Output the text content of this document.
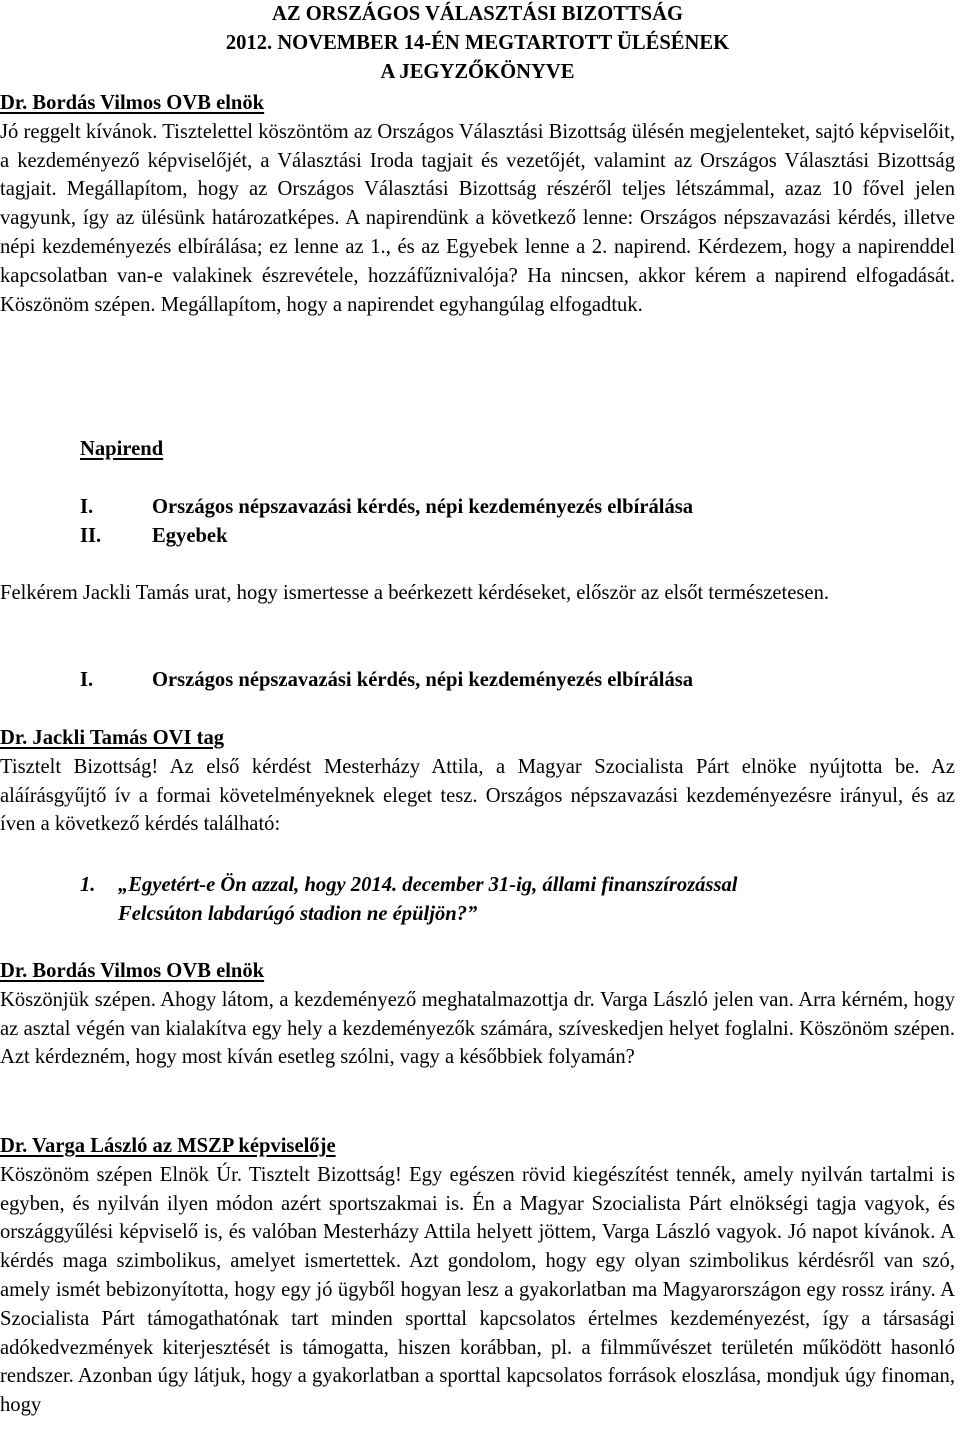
AZ ORSZÁGOS VÁLASZTÁSI BIZOTTSÁG
2012. NOVEMBER 14-ÉN MEGTARTOTT ÜLÉSÉNEK
A JEGYZŐKÖNYVE
Dr. Bordás Vilmos OVB elnök
Jó reggelt kívánok. Tisztelettel köszöntöm az Országos Választási Bizottság ülésén megjelenteket, sajtó képviselőit, a kezdeményező képviselőjét, a Választási Iroda tagjait és vezetőjét, valamint az Országos Választási Bizottság tagjait. Megállapítom, hogy az Országos Választási Bizottság részéről teljes létszámmal, azaz 10 fővel jelen vagyunk, így az ülésünk határozatképes. A napirendünk a következő lenne: Országos népszavazási kérdés, illetve népi kezdeményezés elbírálása; ez lenne az 1., és az Egyebek lenne a 2. napirend. Kérdezem, hogy a napirenddel kapcsolatban van-e valakinek észrevétele, hozzáfűznivalója? Ha nincsen, akkor kérem a napirend elfogadását. Köszönöm szépen. Megállapítom, hogy a napirendet egyhangúlag elfogadtuk.
Napirend
I.	Országos népszavazási kérdés, népi kezdeményezés elbírálása
II. Egyebek
Felkérem Jackli Tamás urat, hogy ismertesse a beérkezett kérdéseket, először az elsőt természetesen.
I.	Országos népszavazási kérdés, népi kezdeményezés elbírálása
Dr. Jackli Tamás OVI tag
Tisztelt Bizottság! Az első kérdést Mesterházy Attila, a Magyar Szocialista Párt elnöke nyújtotta be. Az aláírásgyűjtő ív a formai követelményeknek eleget tesz. Országos népszavazási kezdeményezésre irányul, és az íven a következő kérdés található:
1. „Egyetért-e Ön azzal, hogy 2014. december 31-ig, állami finanszírozással
Felcsúton labdarúgó stadion ne épüljön?”
Dr. Bordás Vilmos OVB elnök
Köszönjük szépen. Ahogy látom, a kezdeményező meghatalmazottja dr. Varga László jelen van. Arra kérném, hogy az asztal végén van kialakítva egy hely a kezdeményezők számára, szíveskedjen helyet foglalni. Köszönöm szépen. Azt kérdezném, hogy most kíván esetleg szólni, vagy a későbbiek folyamán?
Dr. Varga László az MSZP képviselője
Köszönöm szépen Elnök Úr. Tisztelt Bizottság! Egy egészen rövid kiegészítést tennék, amely nyilván tartalmi is egyben, és nyilván ilyen módon azért sportszakmai is. Én a Magyar Szocialista Párt elnökségi tagja vagyok, és országgyűlési képviselő is, és valóban Mesterházy Attila helyett jöttem, Varga László vagyok. Jó napot kívánok. A kérdés maga szimbolikus, amelyet ismertettek. Azt gondolom, hogy egy olyan szimbolikus kérdésről van szó, amely ismét bebizonyította, hogy egy jó ügyből hogyan lesz a gyakorlatban ma Magyarországon egy rossz irány. A Szocialista Párt támogathatónak tart minden sporttal kapcsolatos értelmes kezdeményezést, így a társasági adókedvezmények kiterjesztését is támogatta, hiszen korábban, pl. a filmművészet területén működött hasonló rendszer. Azonban úgy látjuk, hogy a gyakorlatban a sporttal kapcsolatos források eloszlása, mondjuk úgy finoman, hogy
